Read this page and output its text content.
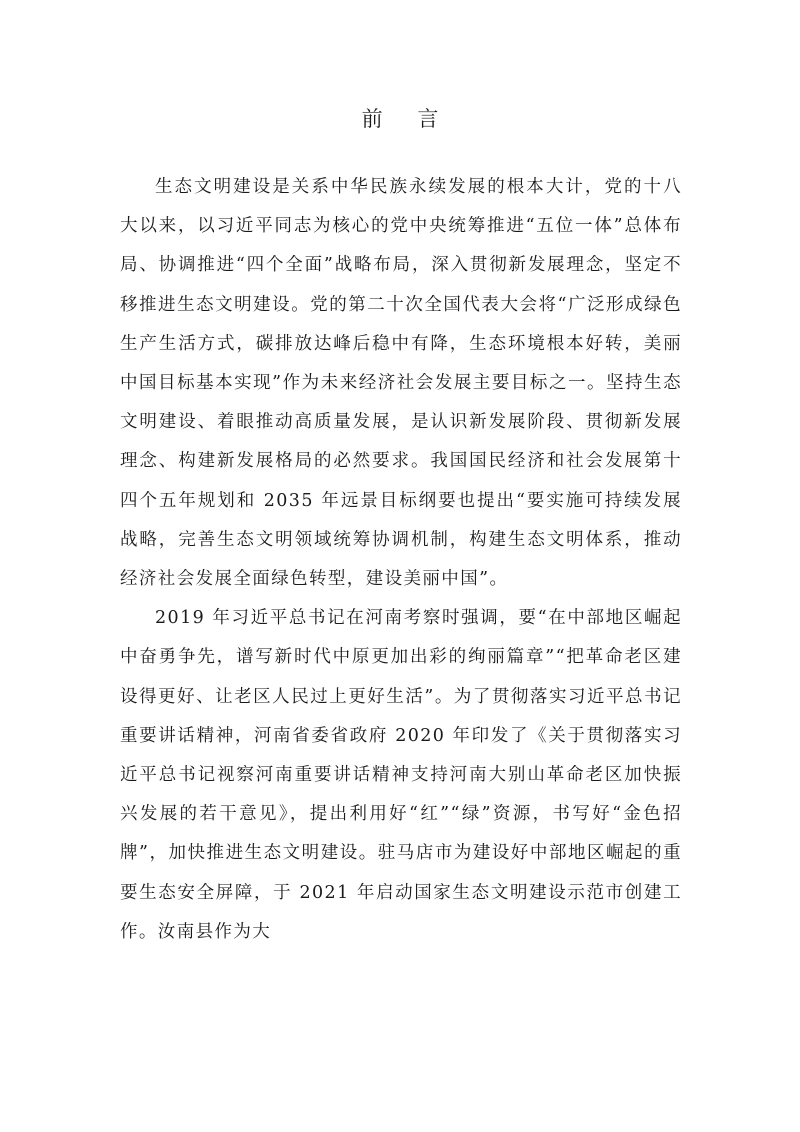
前 言

生态文明建设是关系中华民族永续发展的根本大计，党的十八大以来，以习近平同志为核心的党中央统筹推进“五位一体”总体布局、协调推进“四个全面”战略布局，深入贯彻新发展理念，坚定不移推进生态文明建设。党的第二十次全国代表大会将“广泛形成绿色生产生活方式，碳排放达峰后稳中有降，生态环境根本好转，美丽中国目标基本实现”作为未来经济社会发展主要目标之一。坚持生态文明建设、着眼推动高质量发展，是认识新发展阶段、贯彻新发展理念、构建新发展格局的必然要求。我国国民经济和社会发展第十四个五年规划和 2035 年远景目标纲要也提出“要实施可持续发展战略，完善生态文明领域统筹协调机制，构建生态文明体系，推动经济社会发展全面绿色转型，建设美丽中国”。

2019 年习近平总书记在河南考察时强调，要“在中部地区崛起中奋勇争先，谱写新时代中原更加出彩的绚丽篇章”“把革命老区建设得更好、让老区人民过上更好生活”。为了贯彻落实习近平总书记重要讲话精神，河南省委省政府 2020 年印发了《关于贯彻落实习近平总书记视察河南重要讲话精神支持河南大别山革命老区加快振兴发展的若干意见》，提出利用好“红”“绿”资源，书写好“金色招牌”，加快推进生态文明建设。驻马店市为建设好中部地区崛起的重要生态安全屏障，于 2021 年启动国家生态文明建设示范市创建工作。汝南县作为大
